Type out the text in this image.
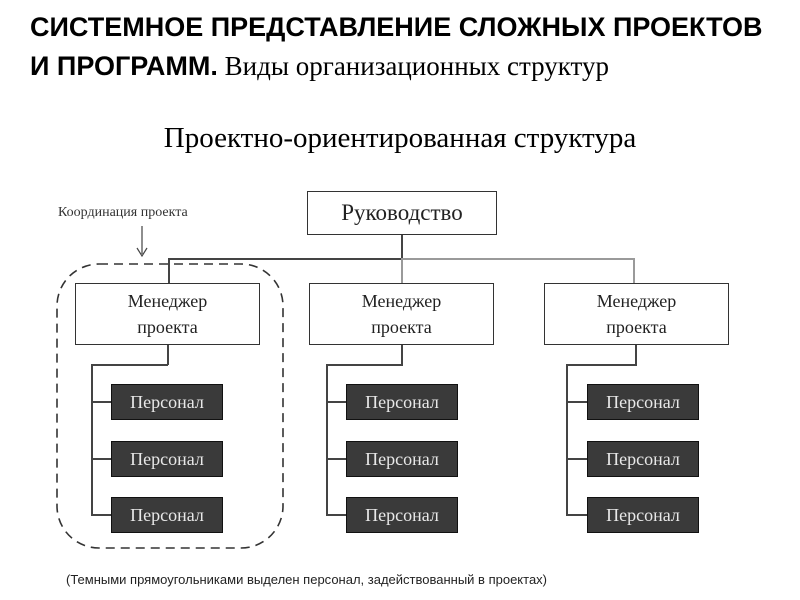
СИСТЕМНОЕ ПРЕДСТАВЛЕНИЕ СЛОЖНЫХ ПРОЕКТОВ И ПРОГРАММ. Виды организационных структур
Проектно-ориентированная структура
Координация проекта	Руководство
Менеджер
проекта
Менеджер
проекта
Менеджер
проекта
Персонал
Персонал
Персонал
Персонал
Персонал
Персонал
Персонал
Персонал
Персонал
(Темными прямоугольниками выделен персонал, задействованный в проектах)
